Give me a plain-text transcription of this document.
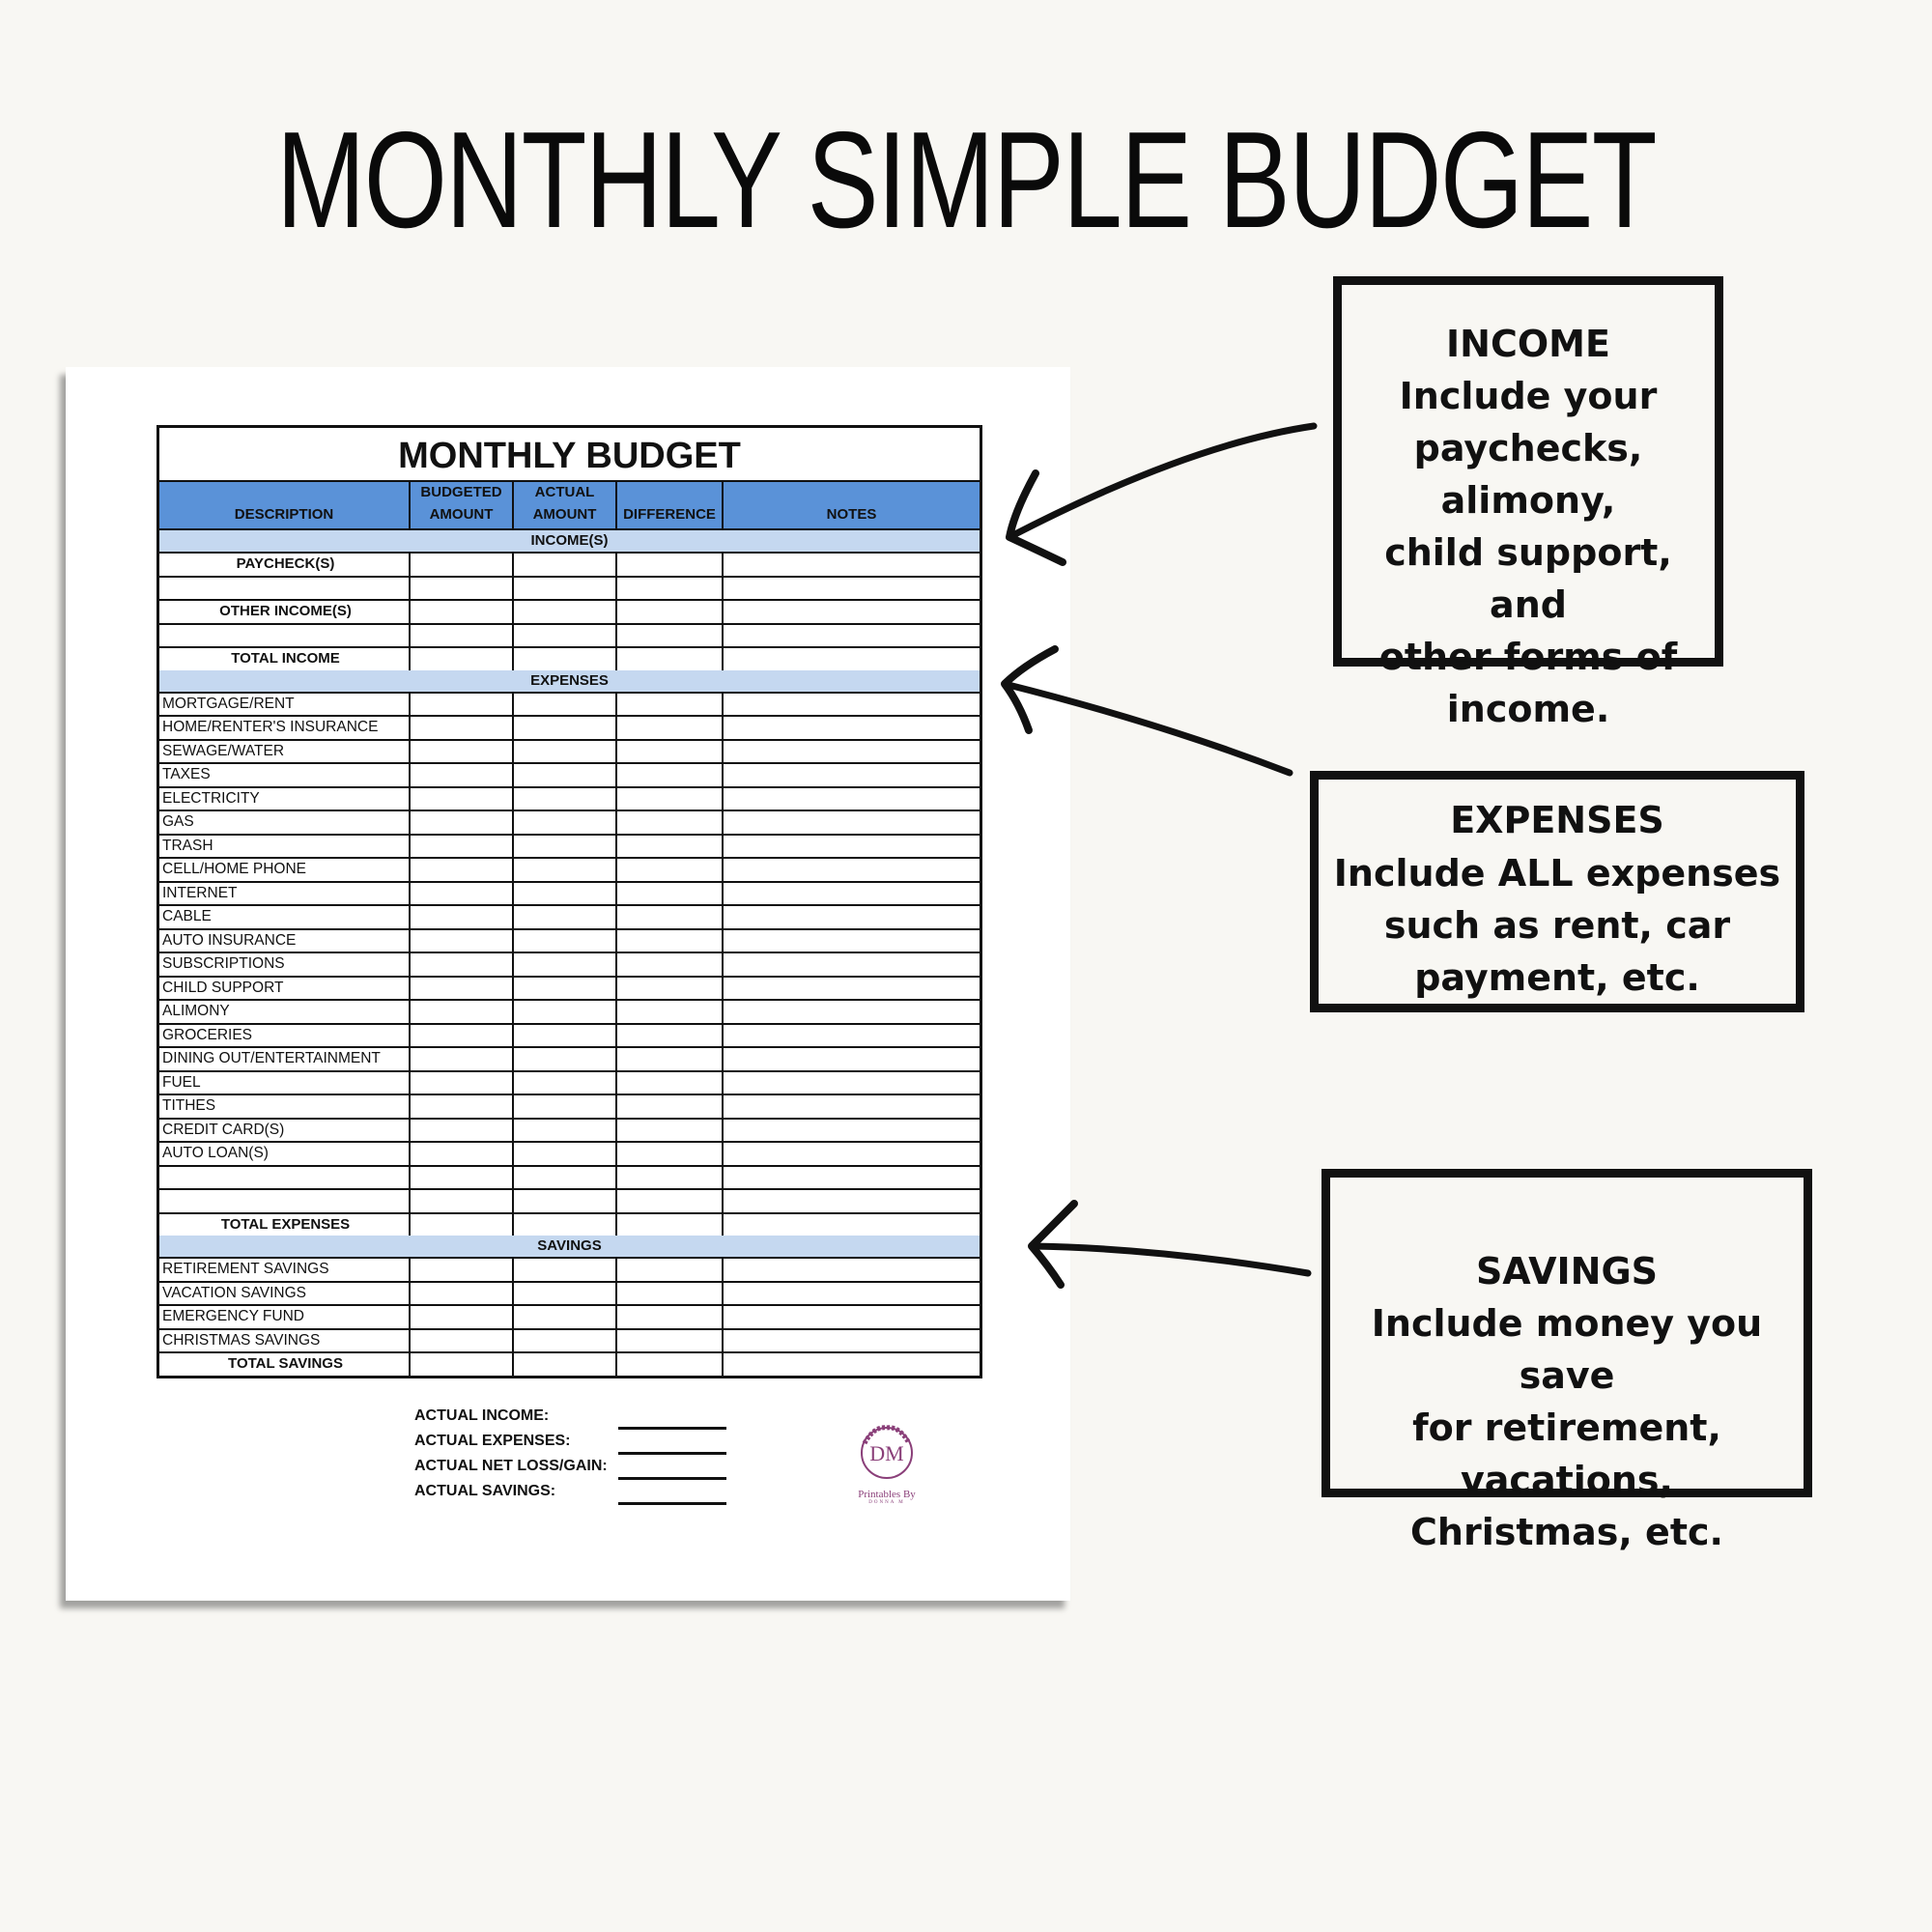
MONTHLY SIMPLE BUDGET
MONTHLY BUDGET
DESCRIPTION
BUDGETED AMOUNT
ACTUAL AMOUNT	DIFFERENCE	NOTES
INCOME(S)
PAYCHECK(S)
OTHER INCOME(S)
TOTAL INCOME
EXPENSES
MORTGAGE/RENT
HOME/RENTER'S INSURANCE
SEWAGE/WATER
TAXES
ELECTRICITY
GAS
TRASH
CELL/HOME PHONE
INTERNET
CABLE
AUTO INSURANCE
SUBSCRIPTIONS
CHILD SUPPORT
ALIMONY
GROCERIES
DINING OUT/ENTERTAINMENT
FUEL
TITHES
CREDIT CARD(S)
AUTO LOAN(S)
TOTAL EXPENSES
SAVINGS
RETIREMENT SAVINGS
VACATION SAVINGS
EMERGENCY FUND
CHRISTMAS SAVINGS
TOTAL SAVINGS
ACTUAL INCOME:
ACTUAL EXPENSES:
ACTUAL NET LOSS/GAIN:
ACTUAL SAVINGS:
DM
Printables By
DONNA M
INCOME
Include your
paychecks, alimony,
child support, and
other forms of
income.
EXPENSES
Include ALL expenses
such as rent, car
payment, etc.
SAVINGS
Include money you save
for retirement, vacations,
Christmas, etc.
